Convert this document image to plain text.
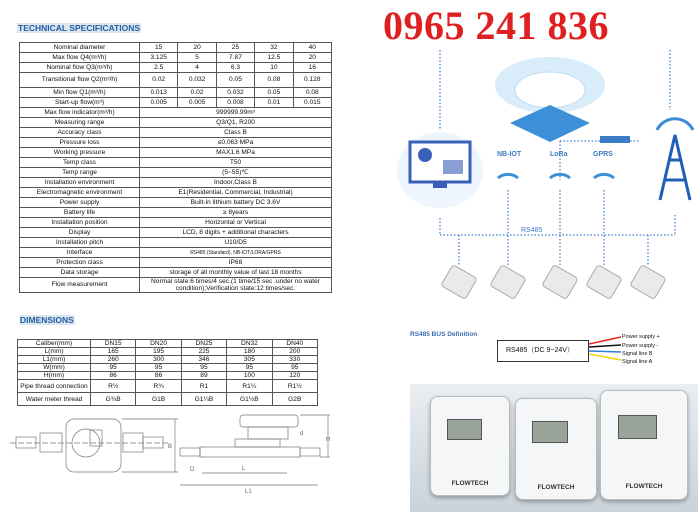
TECHNICAL SPECIFICATIONS
Nominal diameter	15	20	25	32	40
Max flow Q4(m³/h)	3.125	5	7.87	12.5	20
Nominal flow Q3(m³/h)	2.5	4	6.3	10	16
Transitional flow Q2(m³/h)	0.02	0.032	0.05	0.08	0.128
Min flow Q1(m³/h)	0.013	0.02	0.032	0.05	0.08
Start-up flow(m³)	0.005	0.005	0.008	0.01	0.015
Max flow indicator(m³/h)	999999.99m³				
Measuring range	Q3/Q1, R200				
Accuracy class	Class B				
Pressure loss	≤0.063 MPa				
Working pressure	MAX1.6 MPa				
Temp class	T50				
Temp range	(5~55)℃				
Installation environment	Indoor,Class B				
Electromagnetic environment	E1(Residential, Commercial, Industrial)				
Power supply	Built-in lithium battery DC 3.6V				
Battery life	≥ 8years				
Installation position	Horizontal or Vertical				
Display	LCD, 8 digits + additional characters				
Installation pitch	U10/D5				
Interface	RS485 (Standard), NB-IOT/LORA/GPRS				
Protection class	IP68				
Data storage	storage of all monthly value of last 18 months				
Flow measurement	Normal state:6 times/4 sec.(1 time/15 sec .under no water condition);Verification state:12 times/sec.				
DIMENSIONS
Caliber(mm)	DN15	DN20	DN25	DN32	DN40
L(mm)	165	195	225	180	200
L1(mm)	260	300	346	305	330
W(mm)	95	95	95	95	95
H(mm)	86	86	89	100	120
Pipe thread connection	R½	R¾	R1	R1¼	R1½
Water meter thread	G¾B	G1B	G1¼B	G1½B	G2B
B
H
d
D	L
L1
0965 241 836
NB-IOT	LoRa	GPRS
RS485
RS485 BUS Definition
RS485（DC 9~24V）
Power supply +
Power supply -
Signal line B
Signal line A
FLOWTECH
FLOWTECH	FLOWTECH
